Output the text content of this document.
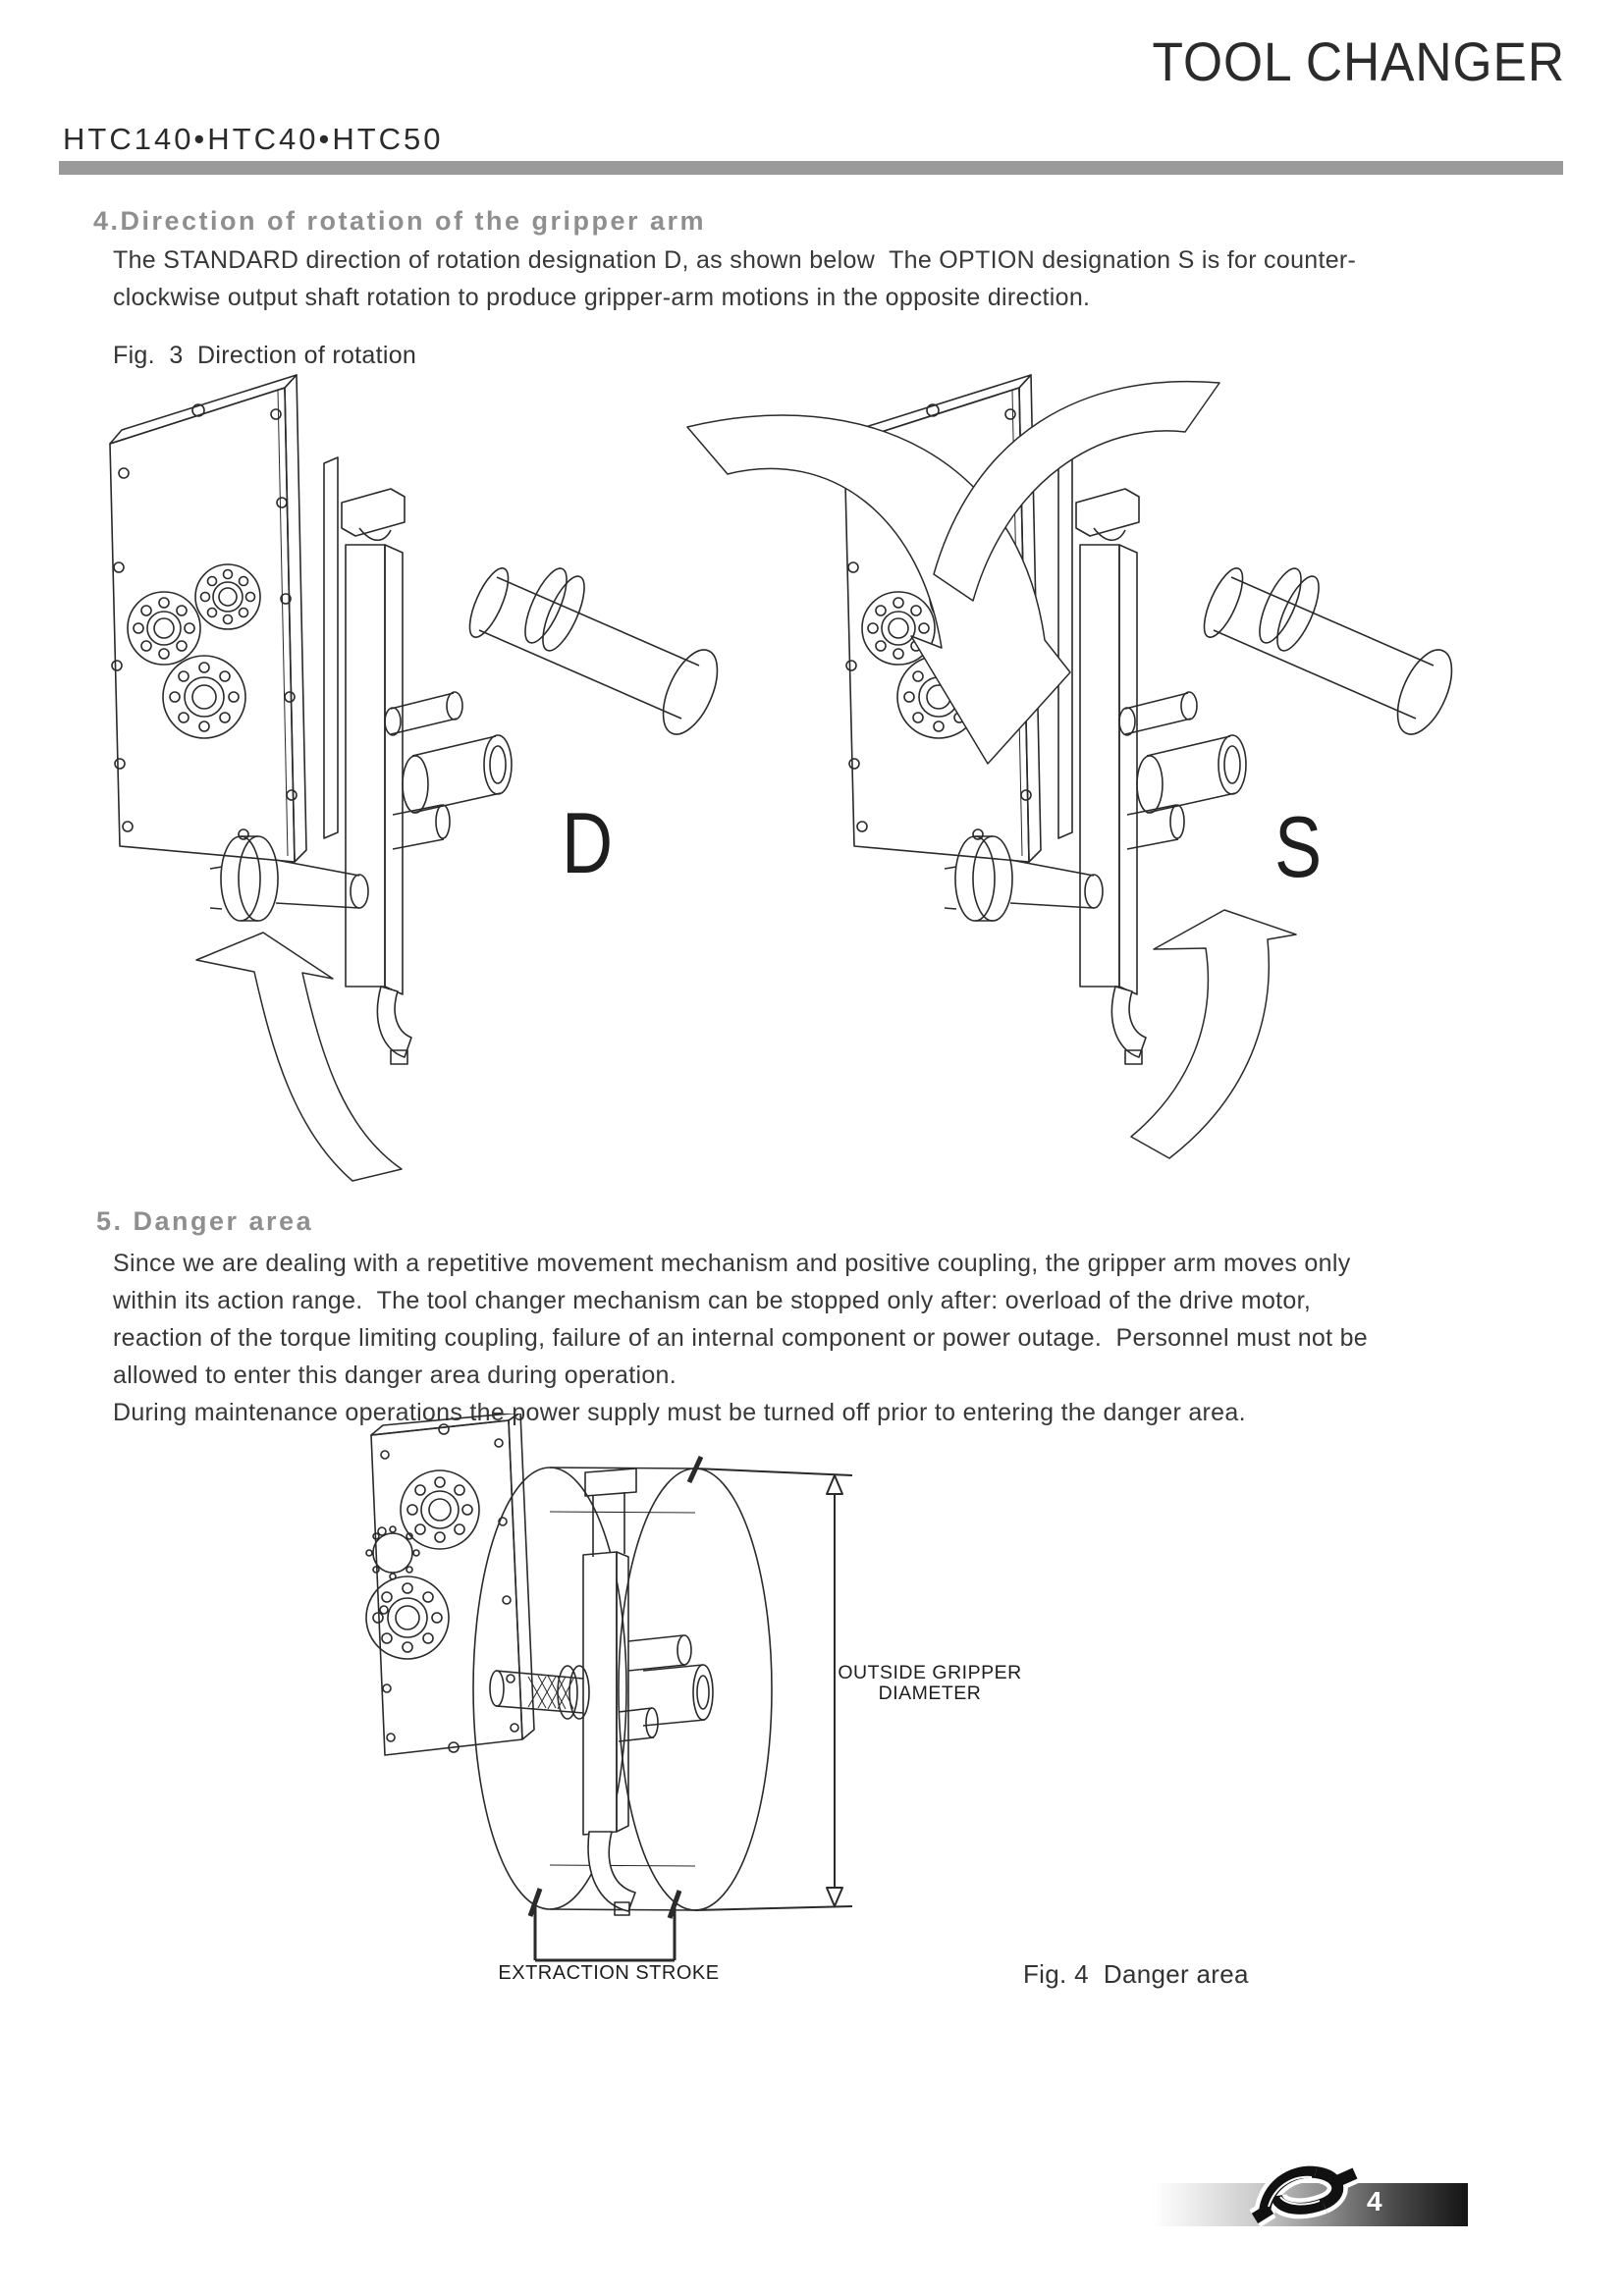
TOOL CHANGER
HTC140•HTC40•HTC50
4.Direction of rotation of the gripper arm
The STANDARD direction of rotation designation D, as shown below  The OPTION designation S is for counter-
clockwise output shaft rotation to produce gripper-arm motions in the opposite direction.
Fig.  3  Direction of rotation
D	S
5. Danger area
Since we are dealing with a repetitive movement mechanism and positive coupling, the gripper arm moves only
within its action range.  The tool changer mechanism can be stopped only after: overload of the drive motor,
reaction of the torque limiting coupling, failure of an internal component or power outage.  Personnel must not be
allowed to enter this danger area during operation.
During maintenance operations the power supply must be turned off prior to entering the danger area.
OUTSIDE GRIPPER
DIAMETER
EXTRACTION STROKE	Fig. 4  Danger area
4
